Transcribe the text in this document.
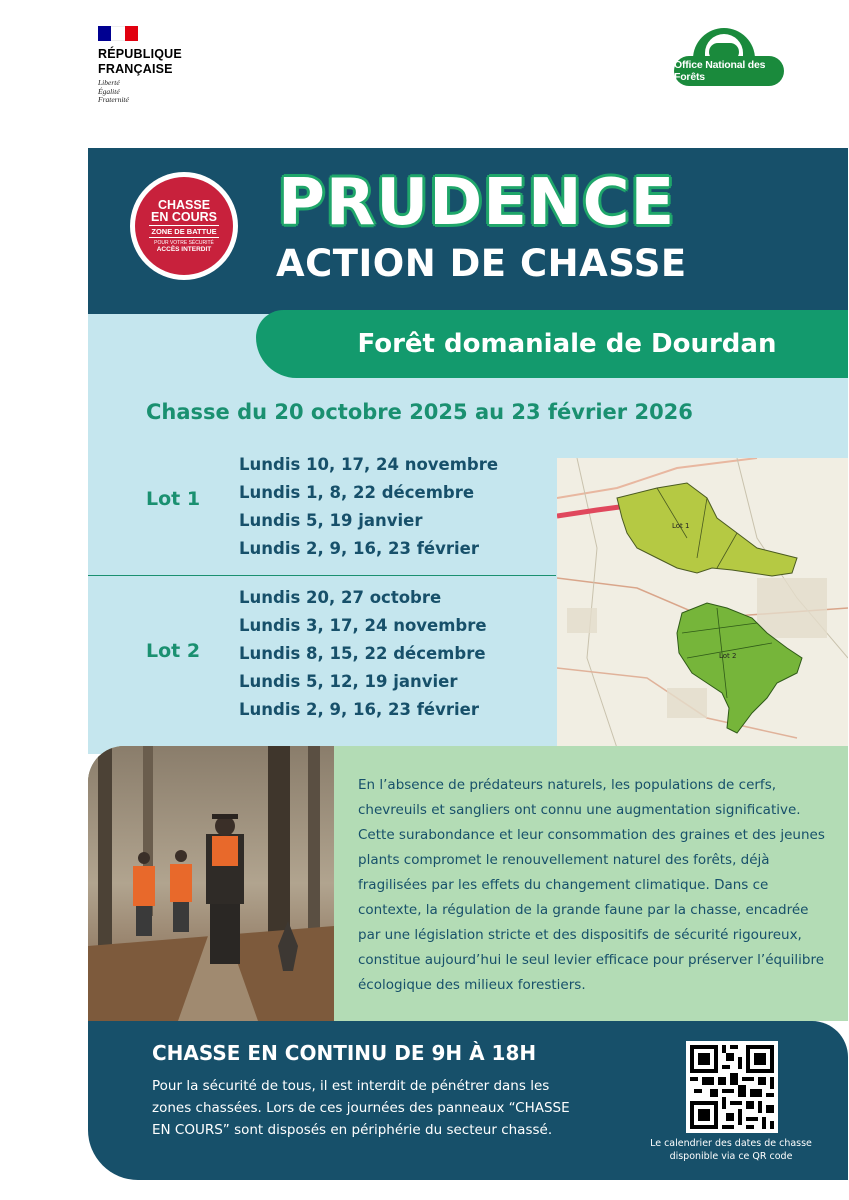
RÉPUBLIQUE
FRANÇAISE
Liberté
Égalité
Fraternité
Office National des Forêts
CHASSE
EN COURS
ZONE DE BATTUE
POUR VOTRE SÉCURITÉ
ACCÈS INTERDIT
PRUDENCE
ACTION DE CHASSE
Forêt domaniale de Dourdan
Chasse du 20 octobre 2025 au 23 février 2026
Lot 1
Lundis 10, 17, 24 novembre
Lundis 1, 8, 22 décembre
Lundis 5, 19 janvier
Lundis 2, 9, 16, 23 février
Lot 2
Lundis 20, 27 octobre
Lundis 3, 17, 24 novembre
Lundis 8, 15, 22 décembre
Lundis 5, 12, 19 janvier
Lundis 2, 9, 16, 23 février
Lot 1
Lot 2
En l’absence de prédateurs naturels, les populations de cerfs, chevreuils et sangliers ont connu une augmentation significative. Cette surabondance et leur consommation des graines et des jeunes plants compromet le renouvellement naturel des forêts, déjà fragilisées par les effets du changement climatique. Dans ce contexte, la régulation de la grande faune par la chasse, encadrée par une législation stricte et des dispositifs de sécurité rigoureux, constitue aujourd’hui le seul levier efficace pour préserver l’équilibre écologique des milieux forestiers.
CHASSE EN CONTINU DE 9H À 18H
Pour la sécurité de tous, il est interdit de pénétrer dans les zones chassées. Lors de ces journées des panneaux “CHASSE EN COURS” sont disposés en périphérie du secteur chassé.
Le calendrier des dates de chasse disponible via ce QR code
